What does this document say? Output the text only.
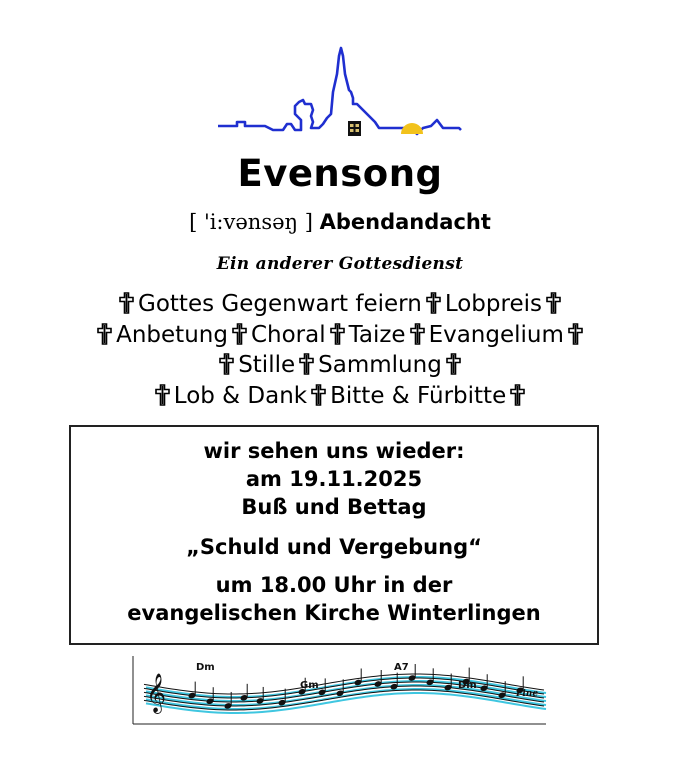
Evensong
[ 'i:vənsəŋ ] Abendandacht
Ein anderer Gottesdienst
Gottes Gegenwart feiern Lobpreis
Anbetung Choral Taize Evangelium
Stille Sammlung
Lob & Dank Bitte & Fürbitte
wir sehen uns wieder:
am 19.11.2025
Buß und Bettag
„Schuld und Vergebung“
um 18.00 Uhr in der
evangelischen Kirche Winterlingen
𝄞
Dm
Gm
A7
Dm
Fine
